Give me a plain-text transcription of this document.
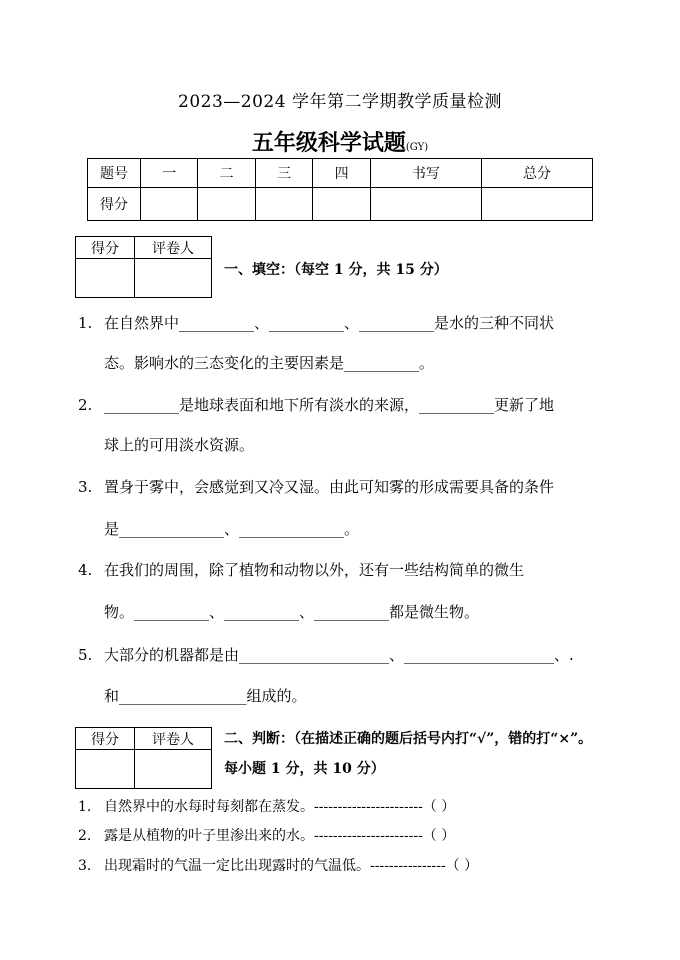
2023—2024 学年第二学期教学质量检测
五年级科学试题(GY)
题号	一	二	三	四	书写	总分
得分						
得分	评卷人

一、填空：（每空 1 分，共 15 分）
1. 在自然界中__________、__________、__________是水的三种不同状
态。影响水的三态变化的主要因素是__________。
2. __________是地球表面和地下所有淡水的来源，__________更新了地
球上的可用淡水资源。
3. 置身于雾中，会感觉到又冷又湿。由此可知雾的形成需要具备的条件
是______________、______________。
4. 在我们的周围，除了植物和动物以外，还有一些结构简单的微生
物。__________、__________、__________都是微生物。
5. 大部分的机器都是由____________________、____________________、.
和_________________组成的。
得分	评卷人
	二、判断：（在描述正确的题后括号内打“√”，错的打“×”。每小题 1 分，共 10 分）
1. 自然界中的水每时每刻都在蒸发。-----------------------（ ）
2. 露是从植物的叶子里渗出来的水。-----------------------（ ）
3. 出现霜时的气温一定比出现露时的气温低。----------------（ ）
